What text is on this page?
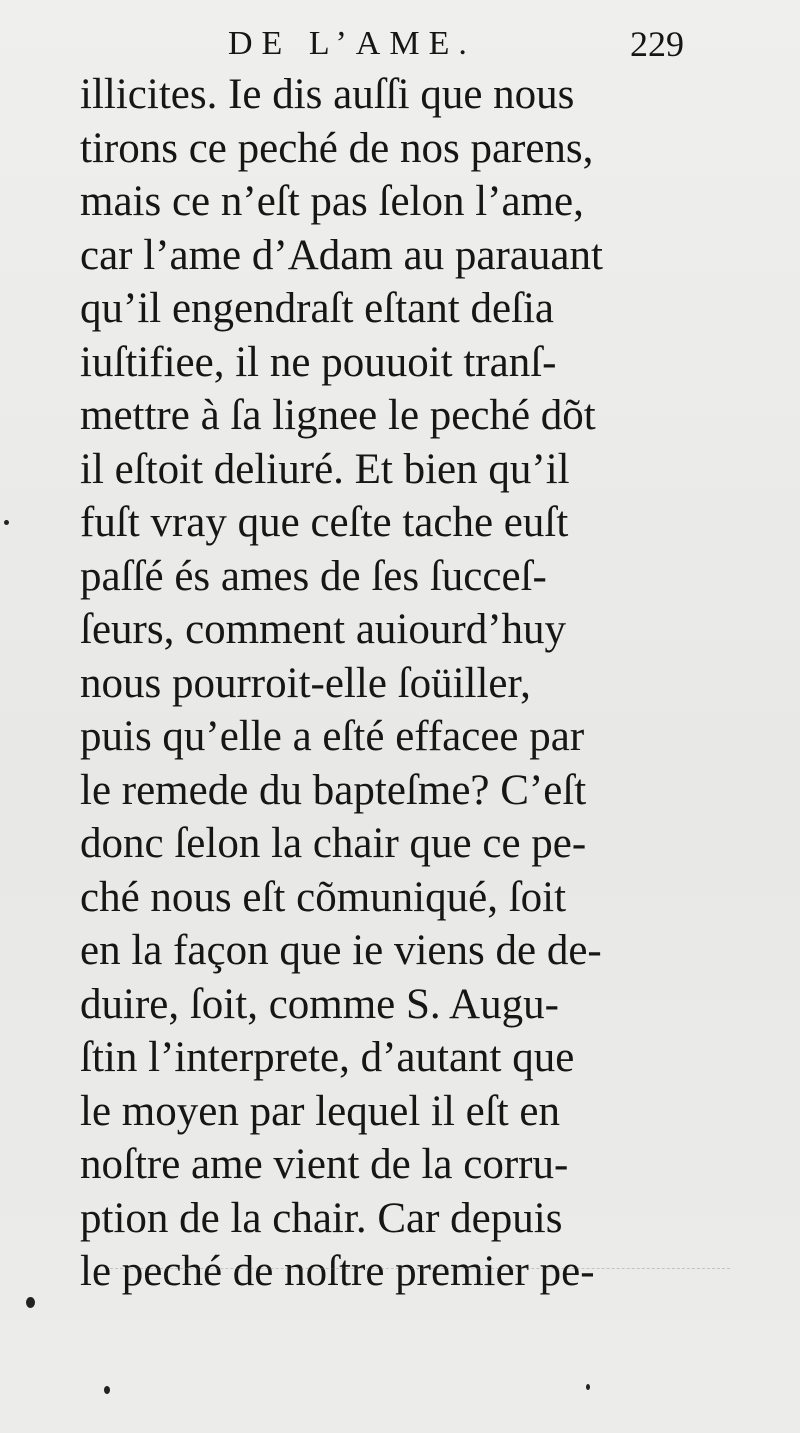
DE L’AME.	229
illicites. Ie dis auſſi que nous
tirons ce peché de nos parens,
mais ce n’eſt pas ſelon l’ame,
car l’ame d’Adam au parauant
qu’il engendraſt eſtant deſia
iuſtifiee, il ne pouuoit tranſ-
mettre à ſa lignee le peché dõt
il eſtoit deliuré. Et bien qu’il
fuſt vray que ceſte tache euſt
paſſé és ames de ſes ſucceſ-
ſeurs, comment auiourd’huy
nous pourroit-elle ſoüiller,
puis qu’elle a eſté effacee par
le remede du bapteſme? C’eſt
donc ſelon la chair que ce pe-
ché nous eſt cõmuniqué, ſoit
en la façon que ie viens de de-
duire, ſoit, comme S. Augu-
ſtin l’interprete, d’autant que
le moyen par lequel il eſt en
noſtre ame vient de la corru-
ption de la chair. Car depuis
le peché de noſtre premier pe-
